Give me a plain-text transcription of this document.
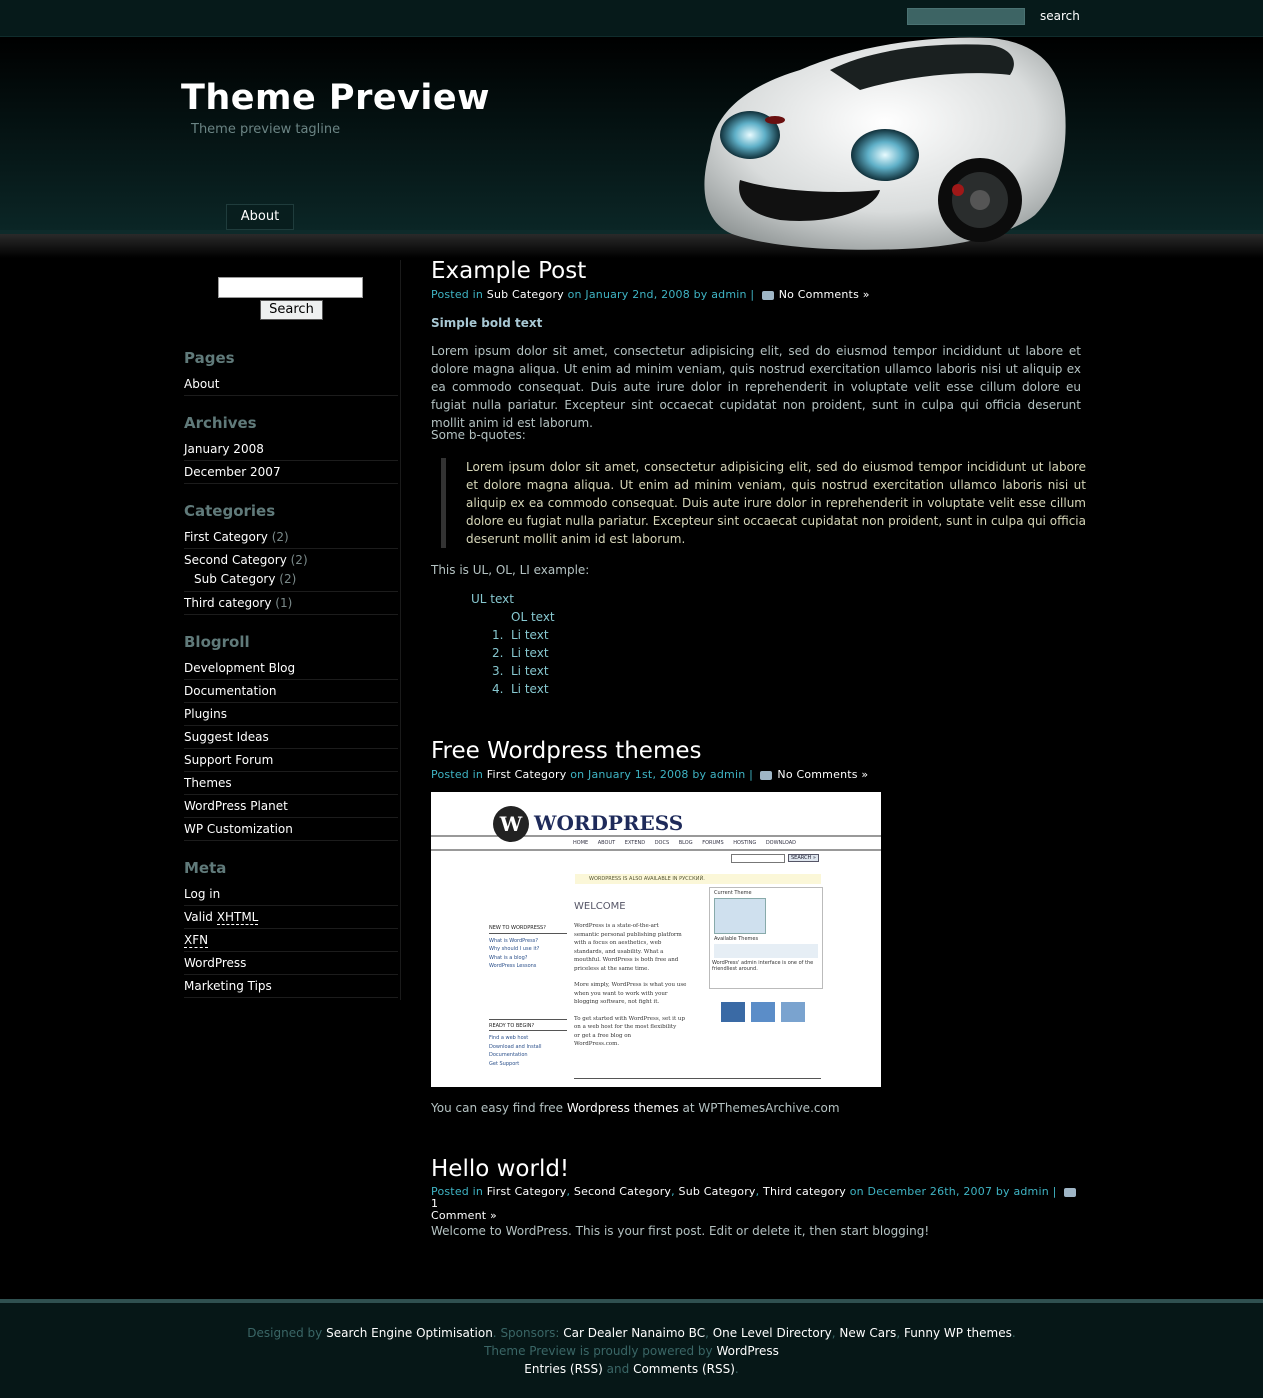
search
Theme Preview
Theme preview tagline
About
Search
Pages
About
Archives
January 2008
December 2007
Categories
First Category (2)
Second Category (2)
Sub Category (2)
Third category (1)
Blogroll
Development Blog
Documentation
Plugins
Suggest Ideas
Support Forum
Themes
WordPress Planet
WP Customization
Meta
Log in
Valid XHTML
XFN
WordPress
Marketing Tips
Example Post
Posted in Sub Category on January 2nd, 2008 by admin | No Comments »
Simple bold text
Lorem ipsum dolor sit amet, consectetur adipisicing elit, sed do eiusmod tempor incididunt ut labore et dolore magna aliqua. Ut enim ad minim veniam, quis nostrud exercitation ullamco laboris nisi ut aliquip ex ea commodo consequat. Duis aute irure dolor in reprehenderit in voluptate velit esse cillum dolore eu fugiat nulla pariatur. Excepteur sint occaecat cupidatat non proident, sunt in culpa qui officia deserunt mollit anim id est laborum.
Some b-quotes:
Lorem ipsum dolor sit amet, consectetur adipisicing elit, sed do eiusmod tempor incididunt ut labore et dolore magna aliqua. Ut enim ad minim veniam, quis nostrud exercitation ullamco laboris nisi ut aliquip ex ea commodo consequat. Duis aute irure dolor in reprehenderit in voluptate velit esse cillum dolore eu fugiat nulla pariatur. Excepteur sint occaecat cupidatat non proident, sunt in culpa qui officia deserunt mollit anim id est laborum.
This is UL, OL, LI example:
UL text
OL text
1. Li text
2. Li text
3. Li text
4. Li text
Free Wordpress themes
Posted in First Category on January 1st, 2008 by admin | No Comments »
W WORDPRESS
HOME ABOUT EXTEND DOCS BLOG FORUMS HOSTING DOWNLOAD
SEARCH »
WORDPRESS IS ALSO AVAILABLE IN РУССКИЙ.
WELCOME
NEW TO WORDPRESS?
What is WordPress?
Why should I use it?
What is a blog?
WordPress Lessons
READY TO BEGIN?
Find a web host
Download and Install
Documentation
Get Support
WordPress is a state-of-the-art
semantic personal publishing platform
with a focus on aesthetics, web
standards, and usability. What a
mouthful. WordPress is both free and
priceless at the same time.
More simply, WordPress is what you use
when you want to work with your
blogging software, not fight it.
To get started with WordPress, set it up
on a web host for the most flexibility
or get a free blog on
WordPress.com.
Current Theme
Available Themes
WordPress' admin interface is one of the
friendliest around.
You can easy find free Wordpress themes at WPThemesArchive.com
Hello world!
Posted in First Category, Second Category, Sub Category, Third category on December 26th, 2007 by admin |  1
Comment »
Welcome to WordPress. This is your first post. Edit or delete it, then start blogging!
Designed by Search Engine Optimisation. Sponsors: Car Dealer Nanaimo BC, One Level Directory, New Cars, Funny WP themes.
Theme Preview is proudly powered by WordPress
Entries (RSS) and Comments (RSS).
